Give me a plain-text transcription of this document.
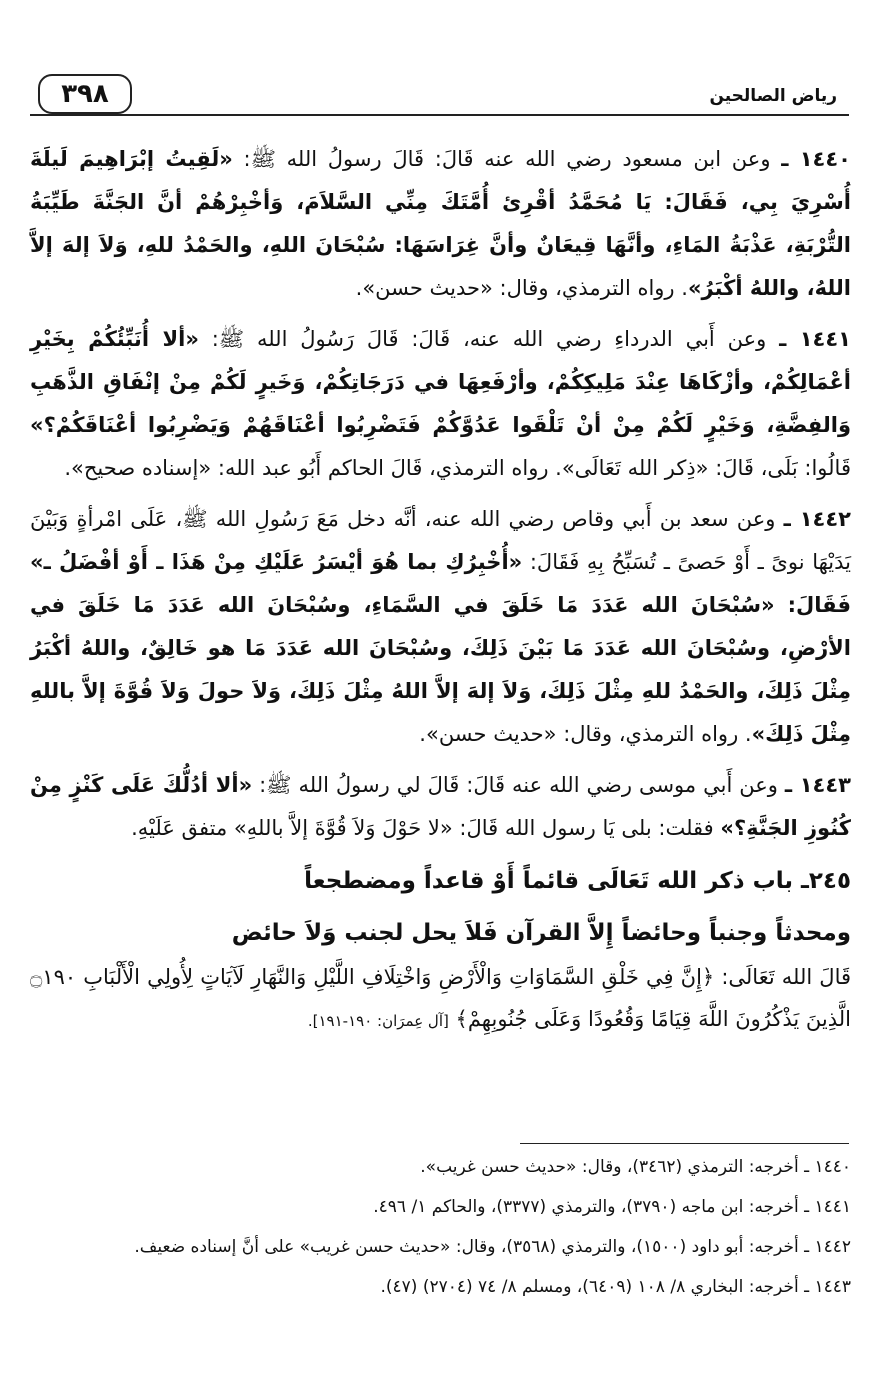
٣٩٨	رياض الصالحين

١٤٤٠ ـ وعن ابن مسعود رضي الله عنه قَالَ: قَالَ رسولُ الله ﷺ: «لَقِيتُ إبْرَاهِيمَ لَيلَةَ أُسْرِيَ بِي، فَقَالَ: يَا مُحَمَّدُ أقْرِئ أُمَّتَكَ مِنِّي السَّلاَمَ، وَأخْبِرْهُمْ أنَّ الجَنَّةَ طَيِّبَةُ التُّرْبَةِ، عَذْبَةُ المَاءِ، وأنَّهَا قِيعَانٌ وأنَّ غِرَاسَهَا: سُبْحَانَ اللهِ، والحَمْدُ للهِ، وَلاَ إلهَ إلاَّ اللهُ، واللهُ أكْبَرُ». رواه الترمذي، وقال: «حديث حسن».

١٤٤١ ـ وعن أَبي الدرداءِ رضي الله عنه، قَالَ: قَالَ رَسُولُ الله ﷺ: «ألا أُنَبِّئُكُمْ بِخَيْرِ أعْمَالِكُمْ، وأزْكَاهَا عِنْدَ مَلِيكِكُمْ، وأرْفَعِهَا في دَرَجَاتِكُمْ، وَخَيرٍ لَكُمْ مِنْ إنْفَاقِ الذَّهَبِ وَالفِضَّةِ، وَخَيْرٍ لَكُمْ مِنْ أنْ تَلْقَوا عَدُوَّكُمْ فَتَضْرِبُوا أعْنَاقَهُمْ وَيَضْرِبُوا أعْنَاقَكُمْ؟» قَالُوا: بَلَى، قَالَ: «ذِكر الله تَعَالَى». رواه الترمذي، قَالَ الحاكم أَبُو عبد الله: «إسناده صحيح».

١٤٤٢ ـ وعن سعد بن أَبي وقاص رضي الله عنه، أنَّه دخل مَعَ رَسُولِ الله ﷺ، عَلَى امْرأةٍ وَبَيْنَ يَدَيْهَا نوىً ـ أَوْ حَصىً ـ تُسَبِّحُ بِهِ فَقَالَ: «أُخْبِرُكِ بما هُوَ أيْسَرُ عَلَيْكِ مِنْ هَذَا ـ أَوْ أفْضَلُ ـ» فَقَالَ: «سُبْحَانَ الله عَدَدَ مَا خَلَقَ في السَّمَاءِ، وسُبْحَانَ الله عَدَدَ مَا خَلَقَ في الأرْضِ، وسُبْحَانَ الله عَدَدَ مَا بَيْنَ ذَلِكَ، وسُبْحَانَ الله عَدَدَ مَا هو خَالِقٌ، واللهُ أكْبَرُ مِثْلَ ذَلِكَ، والحَمْدُ للهِ مِثْلَ ذَلِكَ، وَلاَ إلهَ إلاَّ اللهُ مِثْلَ ذَلِكَ، وَلاَ حولَ وَلاَ قُوَّةَ إلاَّ باللهِ مِثْلَ ذَلِكَ». رواه الترمذي، وقال: «حديث حسن».

١٤٤٣ ـ وعن أَبي موسى رضي الله عنه قَالَ: قَالَ لي رسولُ الله ﷺ: «ألا أدُلُّكَ عَلَى كَنْزٍ مِنْ كُنُوزِ الجَنَّةِ؟» فقلت: بلى يَا رسول الله قَالَ: «لا حَوْلَ وَلاَ قُوَّةَ إلاَّ باللهِ» متفق عَلَيْهِ.

٢٤٥ـ باب ذكر الله تَعَالَى قائماً أَوْ قاعداً ومضطجعاً
ومحدثاً وجنباً وحائضاً إِلاَّ القرآن فَلاَ يحل لجنب وَلاَ حائض

قَالَ الله تَعَالَى: ﴿إِنَّ فِي خَلْقِ السَّمَاوَاتِ وَالْأَرْضِ وَاخْتِلَافِ اللَّيْلِ وَالنَّهَارِ لَآيَاتٍ لِأُولِي الْأَلْبَابِ ۝١٩٠ الَّذِينَ يَذْكُرُونَ اللَّهَ قِيَامًا وَقُعُودًا وَعَلَى جُنُوبِهِمْ﴾ [آل عِمرَان: ١٩٠-١٩١].

١٤٤٠ ـ أخرجه: الترمذي (٣٤٦٢)، وقال: «حديث حسن غريب».

١٤٤١ ـ أخرجه: ابن ماجه (٣٧٩٠)، والترمذي (٣٣٧٧)، والحاكم ١/ ٤٩٦.

١٤٤٢ ـ أخرجه: أبو داود (١٥٠٠)، والترمذي (٣٥٦٨)، وقال: «حديث حسن غريب» على أنَّ إسناده ضعيف.

١٤٤٣ ـ أخرجه: البخاري ٨/ ١٠٨ (٦٤٠٩)، ومسلم ٨/ ٧٤ (٢٧٠٤) (٤٧).
